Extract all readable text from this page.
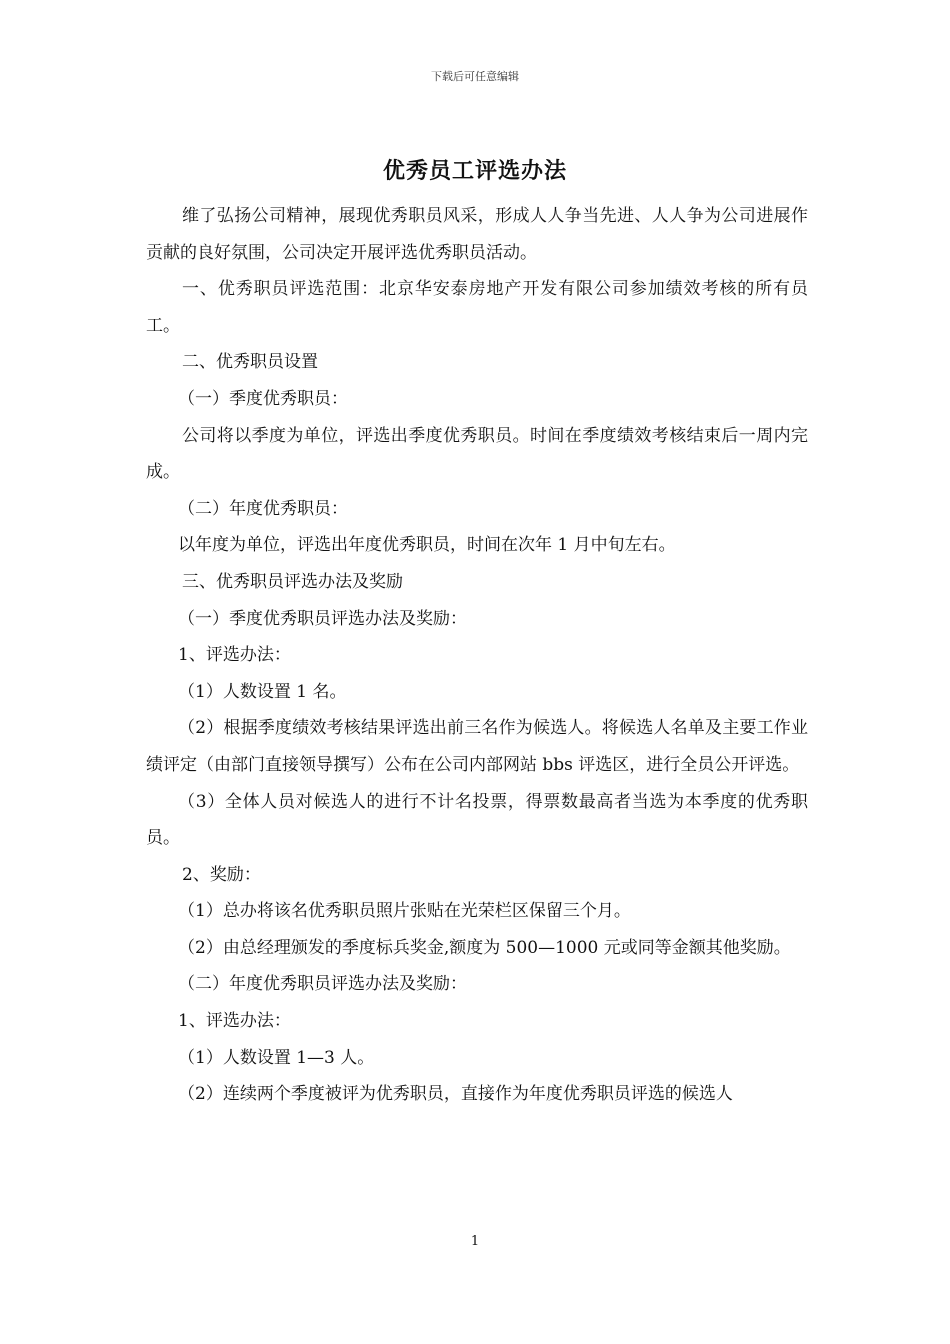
下载后可任意编辑
优秀员工评选办法

维了弘扬公司精神，展现优秀职员风采，形成人人争当先进、人人争为公司进展作贡献的良好氛围，公司决定开展评选优秀职员活动。

一、优秀职员评选范围：北京华安泰房地产开发有限公司参加绩效考核的所有员工。

二、优秀职员设置

（一）季度优秀职员：

公司将以季度为单位，评选出季度优秀职员。时间在季度绩效考核结束后一周内完成。

（二）年度优秀职员：

以年度为单位，评选出年度优秀职员，时间在次年 1 月中旬左右。

三、优秀职员评选办法及奖励

（一）季度优秀职员评选办法及奖励：

1、评选办法：

（1）人数设置 1 名。

（2）根据季度绩效考核结果评选出前三名作为候选人。将候选人名单及主要工作业绩评定（由部门直接领导撰写）公布在公司内部网站 bbs 评选区，进行全员公开评选。

（3）全体人员对候选人的进行不计名投票，得票数最高者当选为本季度的优秀职员。

2、奖励：

（1）总办将该名优秀职员照片张贴在光荣栏区保留三个月。

（2）由总经理颁发的季度标兵奖金,额度为 500—1000 元或同等金额其他奖励。

（二）年度优秀职员评选办法及奖励：

1、评选办法：

（1）人数设置 1—3 人。

（2）连续两个季度被评为优秀职员，直接作为年度优秀职员评选的候选人

1
